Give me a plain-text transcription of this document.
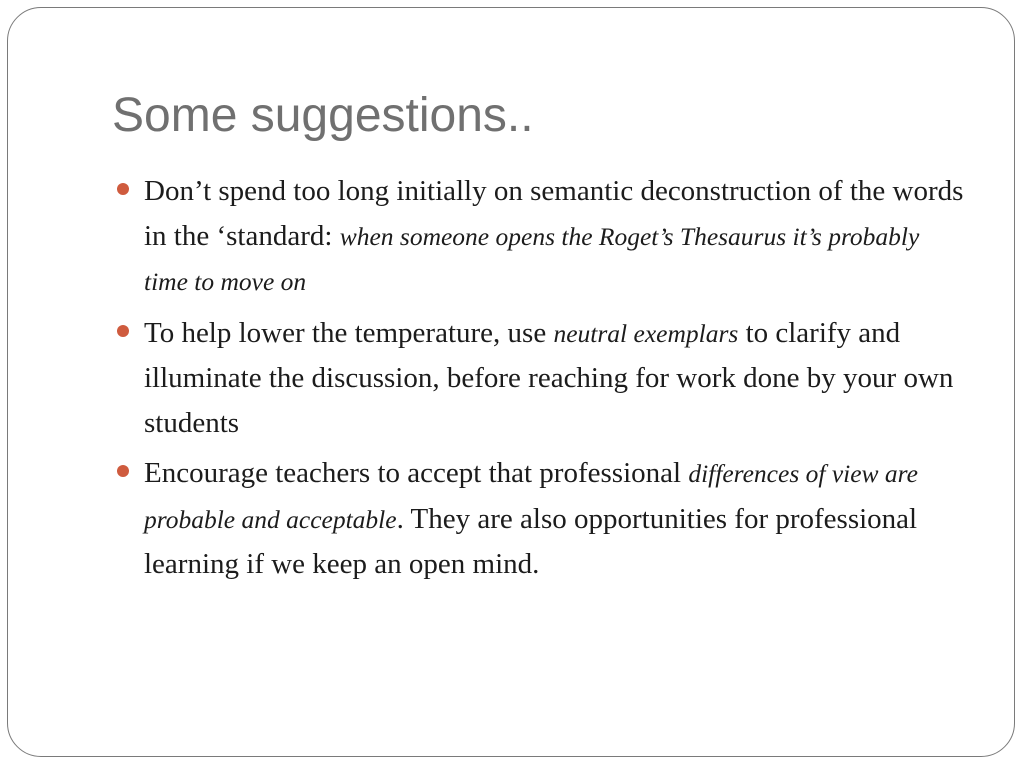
Some suggestions..
Don’t spend too long initially on semantic deconstruction of the words in the ‘standard: when someone opens the Roget’s Thesaurus it’s probably time to move on
To help lower the temperature, use neutral exemplars to clarify and illuminate the discussion, before reaching for work done by your own students
Encourage teachers to accept that professional differences of view are probable and acceptable. They are also opportunities for professional learning if we keep an open mind.
